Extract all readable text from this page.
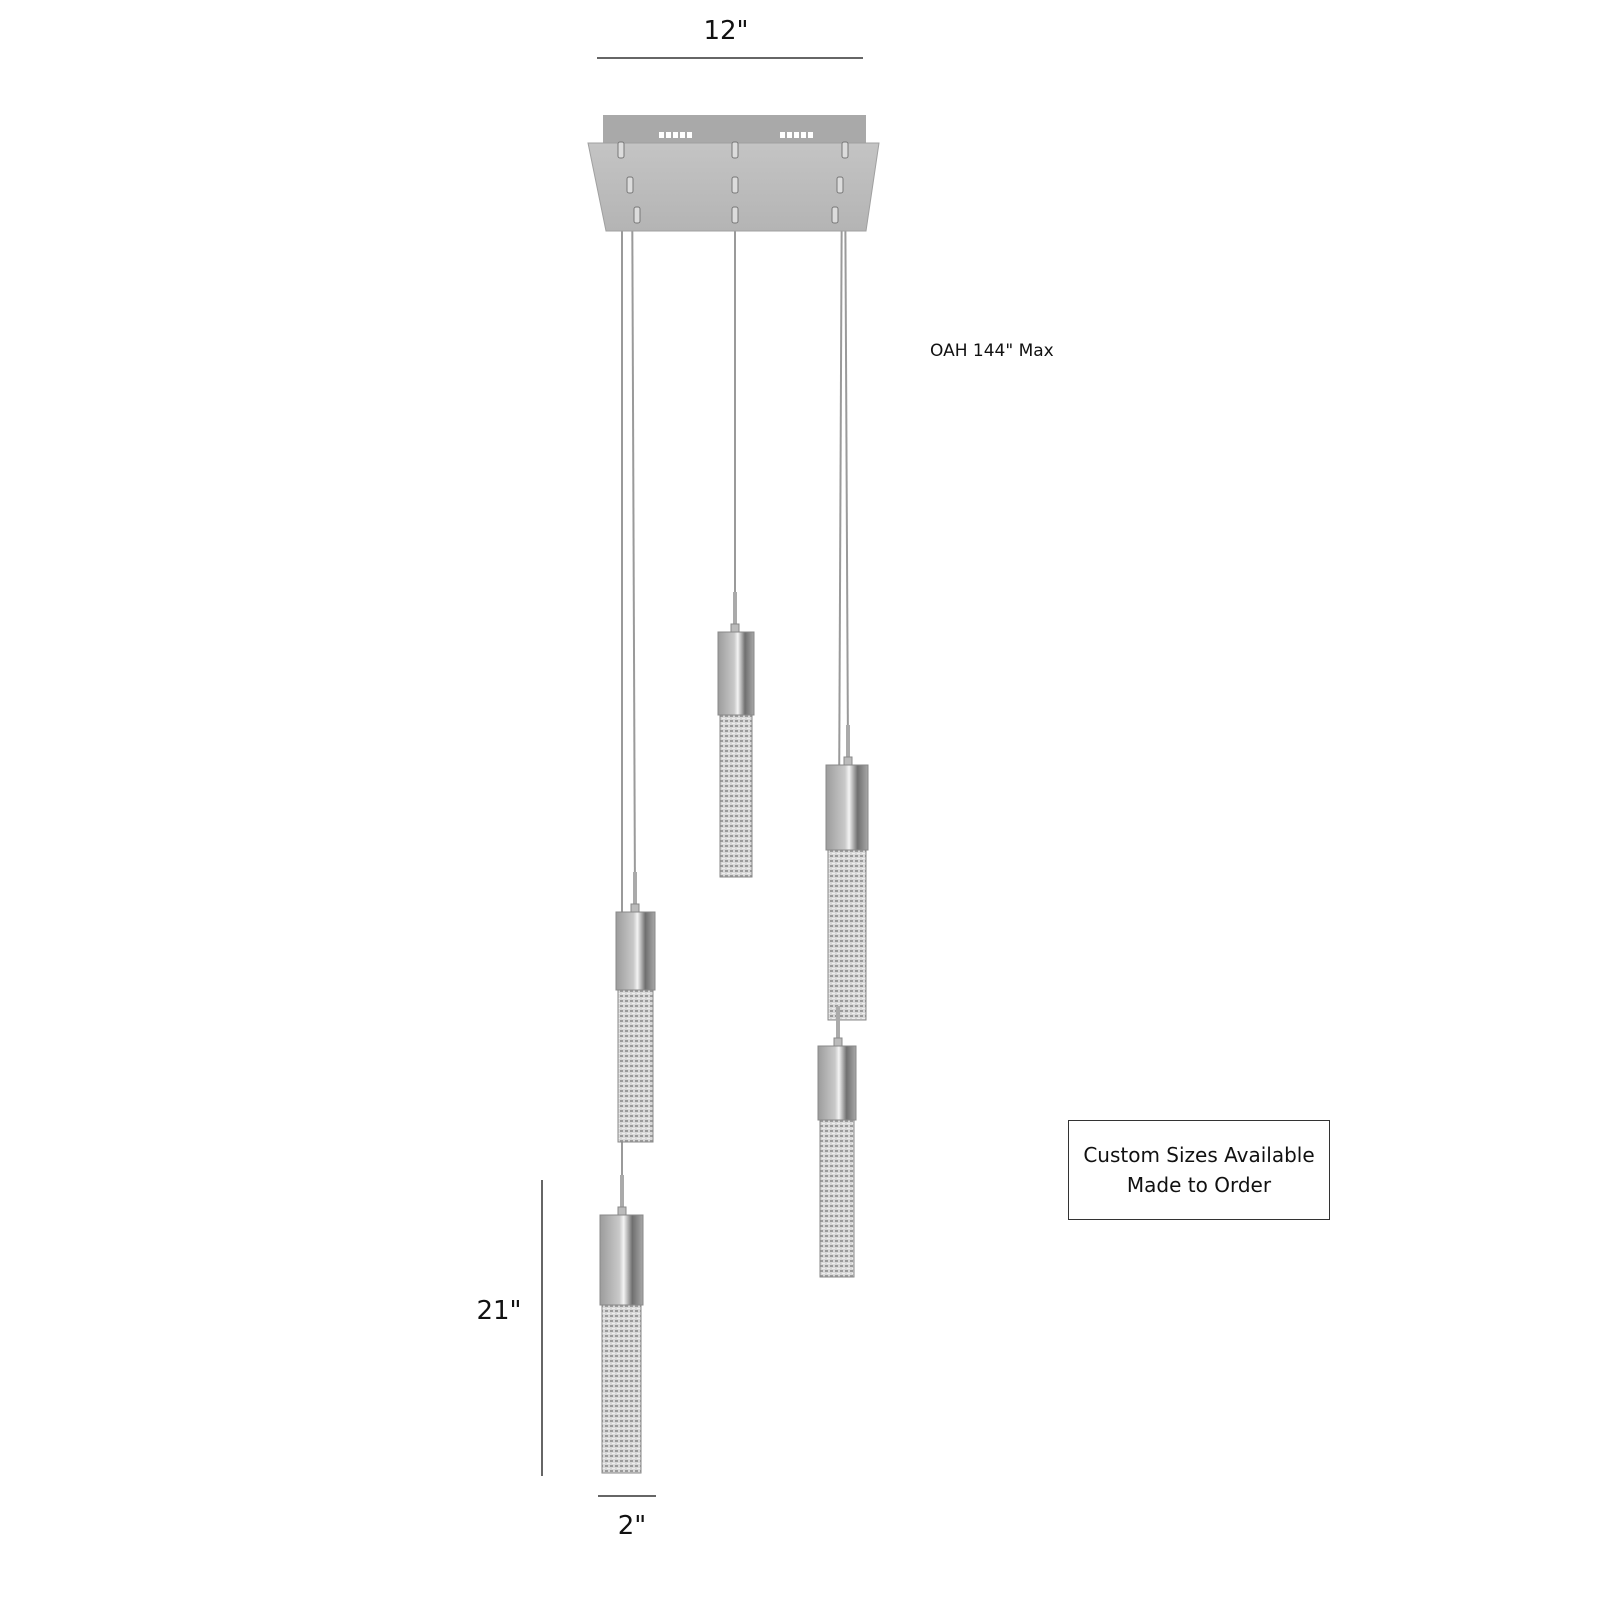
12"
21"
2"
OAH 144" Max
Custom Sizes Available
Made to Order
